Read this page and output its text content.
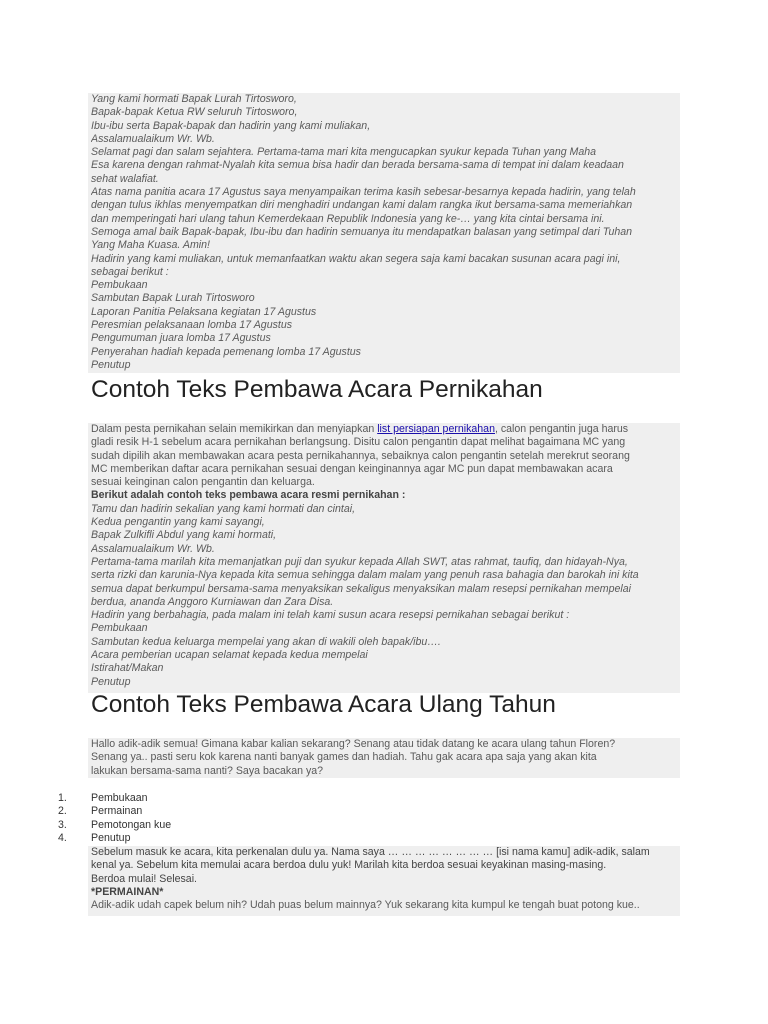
Yang kami hormati Bapak Lurah Tirtosworo,
Bapak-bapak Ketua RW seluruh Tirtosworo,
Ibu-ibu serta Bapak-bapak dan hadirin yang kami muliakan,
Assalamualaikum Wr. Wb.
Selamat pagi dan salam sejahtera. Pertama-tama mari kita mengucapkan syukur kepada Tuhan yang Maha
Esa karena dengan rahmat-Nyalah kita semua bisa hadir dan berada bersama-sama di tempat ini dalam keadaan
sehat walafiat.
Atas nama panitia acara 17 Agustus saya menyampaikan terima kasih sebesar-besarnya kepada hadirin, yang telah
dengan tulus ikhlas menyempatkan diri menghadiri undangan kami dalam rangka ikut bersama-sama memeriahkan
dan memperingati hari ulang tahun Kemerdekaan Republik Indonesia yang ke-… yang kita cintai bersama ini.
Semoga amal baik Bapak-bapak, Ibu-ibu dan hadirin semuanya itu mendapatkan balasan yang setimpal dari Tuhan
Yang Maha Kuasa. Amin!
Hadirin yang kami muliakan, untuk memanfaatkan waktu akan segera saja kami bacakan susunan acara pagi ini,
sebagai berikut :
Pembukaan
Sambutan Bapak Lurah Tirtosworo
Laporan Panitia Pelaksana kegiatan 17 Agustus
Peresmian pelaksanaan lomba 17 Agustus
Pengumuman juara lomba 17 Agustus
Penyerahan hadiah kepada pemenang lomba 17 Agustus
Penutup
Contoh Teks Pembawa Acara Pernikahan
Dalam pesta pernikahan selain memikirkan dan menyiapkan list persiapan pernikahan, calon pengantin juga harus
gladi resik H-1 sebelum acara pernikahan berlangsung. Disitu calon pengantin dapat melihat bagaimana MC yang
sudah dipilih akan membawakan acara pesta pernikahannya, sebaiknya calon pengantin setelah merekrut seorang
MC memberikan daftar acara pernikahan sesuai dengan keinginannya agar MC pun dapat membawakan acara
sesuai keinginan calon pengantin dan keluarga.
Berikut adalah contoh teks pembawa acara resmi pernikahan :
Tamu dan hadirin sekalian yang kami hormati dan cintai,
Kedua pengantin yang kami sayangi,
Bapak Zulkifli Abdul yang kami hormati,
Assalamualaikum Wr. Wb.
Pertama-tama marilah kita memanjatkan puji dan syukur kepada Allah SWT, atas rahmat, taufiq, dan hidayah-Nya,
serta rizki dan karunia-Nya kepada kita semua sehingga dalam malam yang penuh rasa bahagia dan barokah ini kita
semua dapat berkumpul bersama-sama menyaksikan sekaligus menyaksikan malam resepsi pernikahan mempelai
berdua, ananda Anggoro Kurniawan dan Zara Disa.
Hadirin yang berbahagia, pada malam ini telah kami susun acara resepsi pernikahan sebagai berikut :
Pembukaan
Sambutan kedua keluarga mempelai yang akan di wakili oleh bapak/ibu….
Acara pemberian ucapan selamat kepada kedua mempelai
Istirahat/Makan
Penutup
Contoh Teks Pembawa Acara Ulang Tahun
Hallo adik-adik semua! Gimana kabar kalian sekarang? Senang atau tidak datang ke acara ulang tahun Floren?
Senang ya.. pasti seru kok karena nanti banyak games dan hadiah. Tahu gak acara apa saja yang akan kita
lakukan bersama-sama nanti? Saya bacakan ya?
1. Pembukaan
2. Permainan
3. Pemotongan kue
4. Penutup
Sebelum masuk ke acara, kita perkenalan dulu ya. Nama saya … … … … … … … … [isi nama kamu] adik-adik, salam
kenal ya. Sebelum kita memulai acara berdoa dulu yuk! Marilah kita berdoa sesuai keyakinan masing-masing.
Berdoa mulai! Selesai.
*PERMAINAN*
Adik-adik udah capek belum nih? Udah puas belum mainnya? Yuk sekarang kita kumpul ke tengah buat potong kue..
